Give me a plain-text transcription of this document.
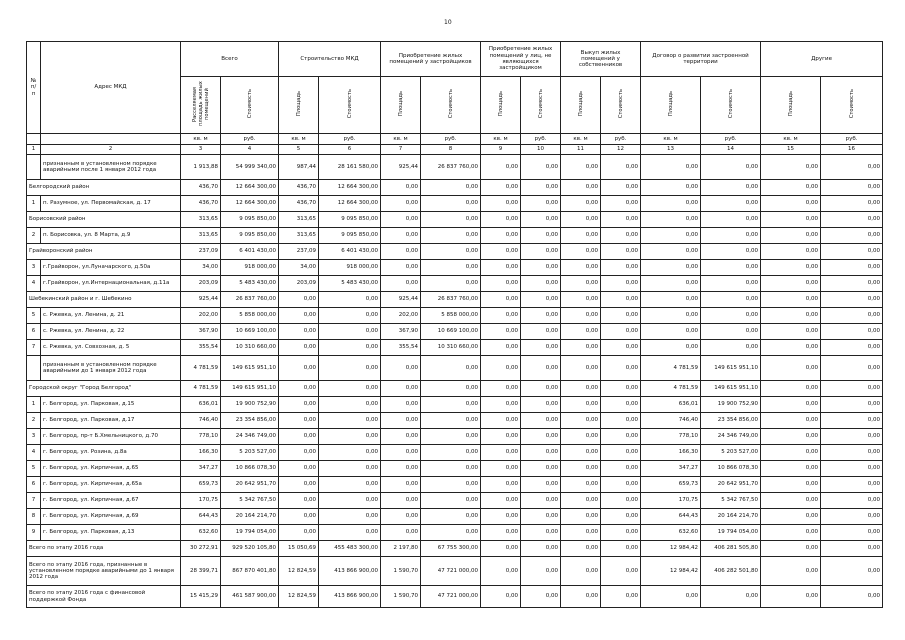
10
№
п/п	Адрес МКД	Всего		Строительство МКД		Приобретение жилых помещений у застройщиков		Приобретение жилых помещений у лиц, не являющихся застройщиком		Выкуп жилых помещений у собственников		Договор о развитии застроенной территории		Другие	
		Расселяемая площадь жилых помещений	Стоимость	Площадь	Стоимость	Площадь	Стоимость	Площадь	Стоимость	Площадь	Стоимость	Площадь	Стоимость	Площадь	Стоимость
		кв. м	руб.	кв. м	руб.	кв. м	руб.	кв. м	руб.	кв. м	руб.	кв. м	руб.	кв. м	руб.
1	2	3	4	5	6	7	8	9	10	11	12	13	14	15	16
	признанным в установленном порядке аварийными после 1 января 2012 года	1 913,88	54 999 340,00	987,44	28 161 580,00	925,44	26 837 760,00	0,00	0,00	0,00	0,00	0,00	0,00	0,00	0,00
Белгородский район		436,70	12 664 300,00	436,70	12 664 300,00	0,00	0,00	0,00	0,00	0,00	0,00	0,00	0,00	0,00	0,00
1	п. Разумное, ул. Первомайская, д. 17	436,70	12 664 300,00	436,70	12 664 300,00	0,00	0,00	0,00	0,00	0,00	0,00	0,00	0,00	0,00	0,00
Борисовский район		313,65	9 095 850,00	313,65	9 095 850,00	0,00	0,00	0,00	0,00	0,00	0,00	0,00	0,00	0,00	0,00
2	п. Борисовка, ул. 8 Марта, д.9	313,65	9 095 850,00	313,65	9 095 850,00	0,00	0,00	0,00	0,00	0,00	0,00	0,00	0,00	0,00	0,00
Грайворонский район		237,09	6 401 430,00	237,09	6 401 430,00	0,00	0,00	0,00	0,00	0,00	0,00	0,00	0,00	0,00	0,00
3	г.Грайворон, ул.Луначарского, д.50а	34,00	918 000,00	34,00	918 000,00	0,00	0,00	0,00	0,00	0,00	0,00	0,00	0,00	0,00	0,00
4	г.Грайворон, ул.Интернациональная, д.11а	203,09	5 483 430,00	203,09	5 483 430,00	0,00	0,00	0,00	0,00	0,00	0,00	0,00	0,00	0,00	0,00
Шебекинский район и г. Шебекино		925,44	26 837 760,00	0,00	0,00	925,44	26 837 760,00	0,00	0,00	0,00	0,00	0,00	0,00	0,00	0,00
5	с. Ржевка, ул. Ленина, д. 21	202,00	5 858 000,00	0,00	0,00	202,00	5 858 000,00	0,00	0,00	0,00	0,00	0,00	0,00	0,00	0,00
6	с. Ржевка, ул. Ленина, д. 22	367,90	10 669 100,00	0,00	0,00	367,90	10 669 100,00	0,00	0,00	0,00	0,00	0,00	0,00	0,00	0,00
7	с. Ржевка, ул. Совхозная, д. 5	355,54	10 310 660,00	0,00	0,00	355,54	10 310 660,00	0,00	0,00	0,00	0,00	0,00	0,00	0,00	0,00
	признанным в установленном порядке аварийными до 1 января 2012 года	4 781,59	149 615 951,10	0,00	0,00	0,00	0,00	0,00	0,00	0,00	0,00	4 781,59	149 615 951,10	0,00	0,00
Городской округ "Город Белгород"		4 781,59	149 615 951,10	0,00	0,00	0,00	0,00	0,00	0,00	0,00	0,00	4 781,59	149 615 951,10	0,00	0,00
1	г. Белгород, ул. Парковая, д.15	636,01	19 900 752,90	0,00	0,00	0,00	0,00	0,00	0,00	0,00	0,00	636,01	19 900 752,90	0,00	0,00
2	г. Белгород, ул. Парковая, д.17	746,40	23 354 856,00	0,00	0,00	0,00	0,00	0,00	0,00	0,00	0,00	746,40	23 354 856,00	0,00	0,00
3	г. Белгород, пр-т Б.Хмельницкого, д.70	778,10	24 346 749,00	0,00	0,00	0,00	0,00	0,00	0,00	0,00	0,00	778,10	24 346 749,00	0,00	0,00
4	г. Белгород, ул. Розина, д.8а	166,30	5 203 527,00	0,00	0,00	0,00	0,00	0,00	0,00	0,00	0,00	166,30	5 203 527,00	0,00	0,00
5	г. Белгород, ул. Кирпичная, д.65	347,27	10 866 078,30	0,00	0,00	0,00	0,00	0,00	0,00	0,00	0,00	347,27	10 866 078,30	0,00	0,00
6	г. Белгород, ул. Кирпичная, д.65а	659,73	20 642 951,70	0,00	0,00	0,00	0,00	0,00	0,00	0,00	0,00	659,73	20 642 951,70	0,00	0,00
7	г. Белгород, ул. Кирпичная, д.67	170,75	5 342 767,50	0,00	0,00	0,00	0,00	0,00	0,00	0,00	0,00	170,75	5 342 767,50	0,00	0,00
8	г. Белгород, ул. Кирпичная, д.69	644,43	20 164 214,70	0,00	0,00	0,00	0,00	0,00	0,00	0,00	0,00	644,43	20 164 214,70	0,00	0,00
9	г. Белгород, ул. Парковая, д.13	632,60	19 794 054,00	0,00	0,00	0,00	0,00	0,00	0,00	0,00	0,00	632,60	19 794 054,00	0,00	0,00
Всего по этапу 2016 года		30 272,91	929 520 105,80	15 050,69	455 483 300,00	2 197,80	67 755 300,00	0,00	0,00	0,00	0,00	12 984,42	406 281 505,80	0,00	0,00
Всего по этапу 2016 года, признанные в установленном порядке аварийными до 1 января 2012 года		28 399,71	867 870 401,80	12 824,59	413 866 900,00	1 590,70	47 721 000,00	0,00	0,00	0,00	0,00	12 984,42	406 282 501,80	0,00	0,00
Всего по этапу 2016 года с финансовой поддержкой Фонда		15 415,29	461 587 900,00	12 824,59	413 866 900,00	1 590,70	47 721 000,00	0,00	0,00	0,00	0,00	0,00	0,00	0,00	0,00
